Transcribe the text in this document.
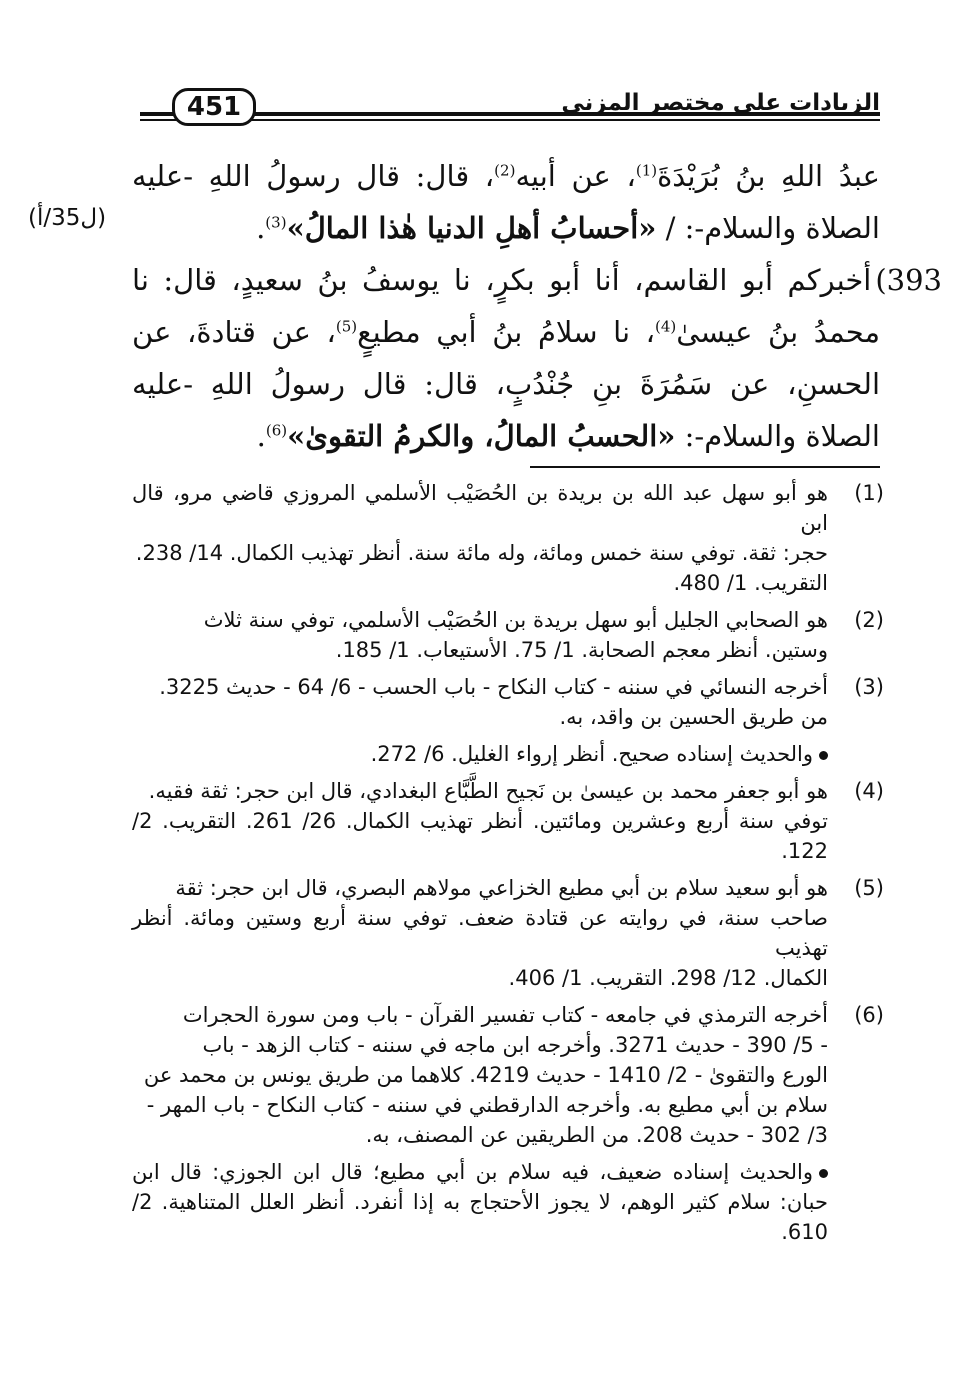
451	الزيادات على مختصر المزني
(ل35/أ)

عبدُ اللهِ بنُ بُرَيْدَةَ$^{(1)}$، عن أبيه$^{(2)}$، قال: قال رسولُ اللهِ -عليه الصلاة والسلام-: / «أحسابُ أهلِ الدنيا هٰذا المالُ»$^{(3)}$.

393)أخبركم أبو القاسم، أنا أبو بكرٍ، نا يوسفُ بنُ سعيدٍ، قال: نا محمدُ بنُ عيسىٰ$^{(4)}$، نا سلامُ بنُ أبي مطيعٍ$^{(5)}$، عن قتادةَ، عن الحسنِ، عن سَمُرَةَ بنِ جُنْدُبٍ، قال: قال رسولُ اللهِ -عليه الصلاة والسلام-: «الحسبُ المالُ، والكرمُ التقوىٰ»$^{(6)}$.

(1)
هو أبو سهل عبد الله بن بريدة بن الحُصَيْب الأسلمي المروزي قاضي مرو، قال ابن
حجر: ثقة. توفي سنة خمس ومائة، وله مائة سنة. أنظر تهذيب الكمال. 14/ 238.
التقريب. 1/ 480.
(2)
هو الصحابي الجليل أبو سهل بريدة بن الحُصَيْب الأسلمي، توفي سنة ثلاث
وستين. أنظر معجم الصحابة. 1/ 75. الأستيعاب. 1/ 185.
(3)
أخرجه النسائي في سننه - كتاب النكاح - باب الحسب - 6/ 64 - حديث 3225.
من طريق الحسين بن واقد، به.
والحديث إسناده صحيح. أنظر إرواء الغليل. 6/ 272.
(4)
هو أبو جعفر محمد بن عيسىٰ بن نَجيح الطَّبَّاع البغدادي، قال ابن حجر: ثقة فقيه.
توفي سنة أربع وعشرين ومائتين. أنظر تهذيب الكمال. 26/ 261. التقريب. 2/ 122.
(5)
هو أبو سعيد سلام بن أبي مطيع الخزاعي مولاهم البصري، قال ابن حجر: ثقة
صاحب سنة، في روايته عن قتادة ضعف. توفي سنة أربع وستين ومائة. أنظر تهذيب
الكمال. 12/ 298. التقريب. 1/ 406.
(6)
أخرجه الترمذي في جامعه - كتاب تفسير القرآن - باب ومن سورة الحجرات
- 5/ 390 - حديث 3271. وأخرجه ابن ماجه في سننه - كتاب الزهد - باب
الورع والتقوىٰ - 2/ 1410 - حديث 4219. كلاهما من طريق يونس بن محمد عن
سلام بن أبي مطيع به. وأخرجه الدارقطني في سننه - كتاب النكاح - باب المهر -
3/ 302 - حديث 208. من الطريقين عن المصنف، به.
والحديث إسناده ضعيف، فيه سلام بن أبي مطيع؛ قال ابن الجوزي: قال ابن حبان: سلام كثير الوهم، لا يجوز الأحتجاج به إذا أنفرد. أنظر العلل المتناهية. 2/ 610.
